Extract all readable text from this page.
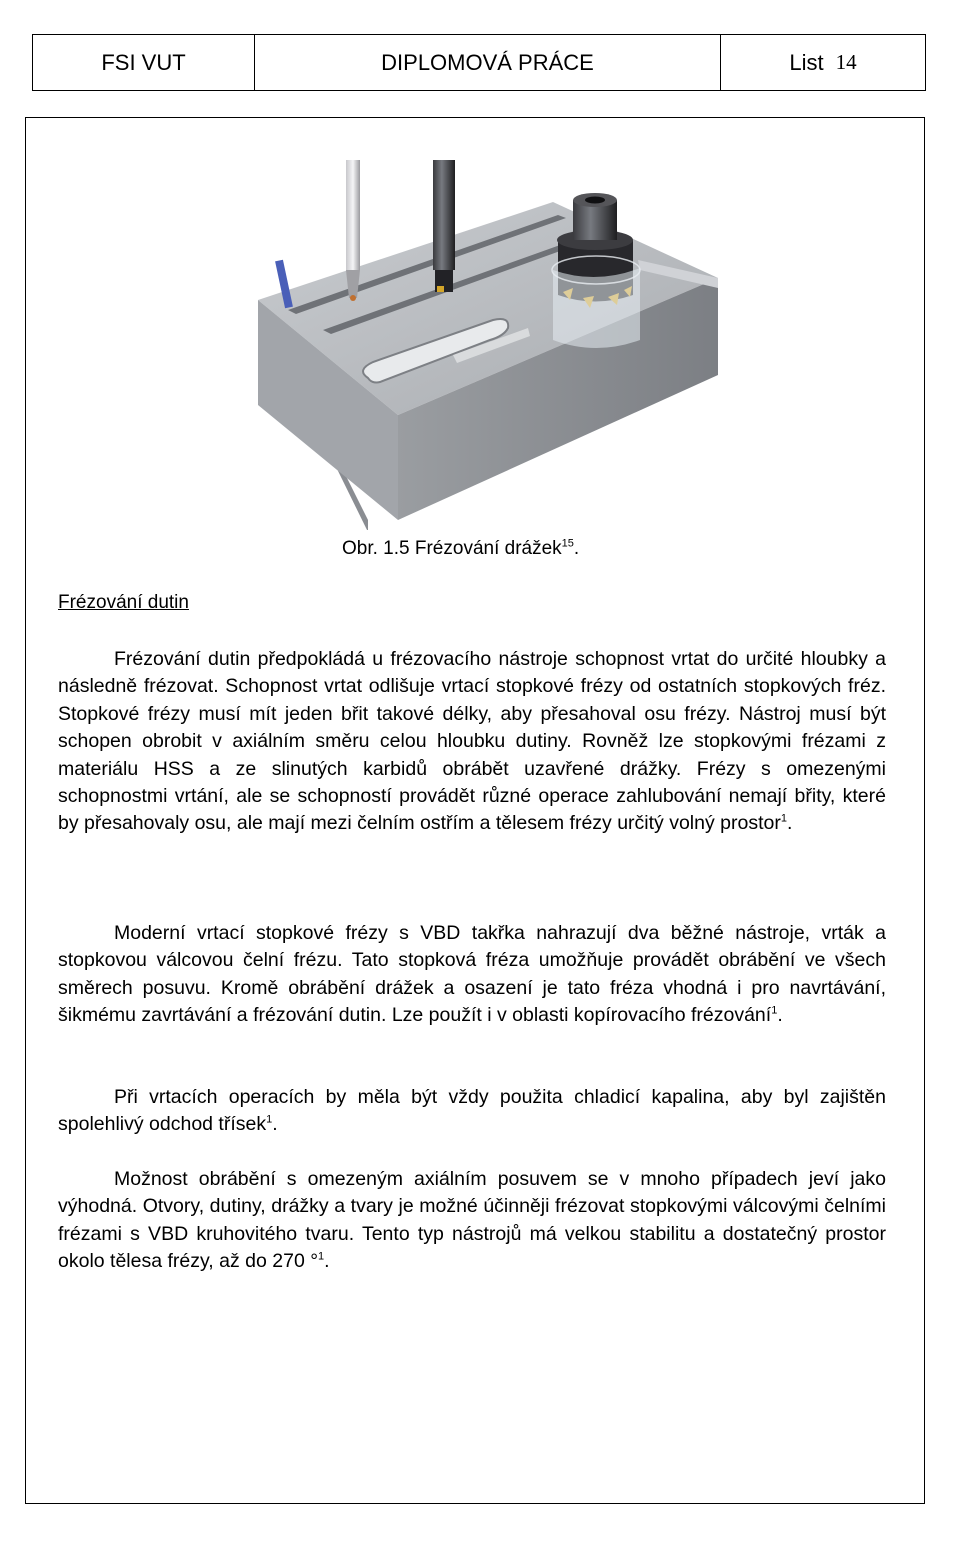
FSI VUT	DIPLOMOVÁ PRÁCE	List 14
Obr. 1.5 Frézování drážek$^{15}$.
Frézování dutin

Frézování dutin předpokládá u frézovacího nástroje schopnost vrtat do určité hloubky a následně frézovat. Schopnost vrtat odlišuje vrtací stopkové frézy od ostatních stopkových fréz. Stopkové frézy musí mít jeden břit takové délky, aby přesahoval osu frézy. Nástroj musí být schopen obrobit v axiálním směru celou hloubku dutiny. Rovněž lze stopkovými frézami z materiálu HSS a ze slinutých karbidů obrábět uzavřené drážky. Frézy s omezenými schopnostmi vrtání, ale se schopností provádět různé operace zahlubování nemají břity, které by přesahovaly osu, ale mají mezi čelním ostřím a tělesem frézy určitý volný prostor$^1$.

Moderní vrtací stopkové frézy s VBD takřka nahrazují dva běžné nástroje, vrták a stopkovou válcovou čelní frézu. Tato stopková fréza umožňuje provádět obrábění ve všech směrech posuvu. Kromě obrábění drážek a osazení je tato fréza vhodná i pro navrtávání, šikmému zavrtávání a frézování dutin. Lze použít i v oblasti kopírovacího frézování$^1$.

Při vrtacích operacích by měla být vždy použita chladicí kapalina, aby byl zajištěn spolehlivý odchod třísek$^1$.

Možnost obrábění s omezeným axiálním posuvem se v mnoho případech jeví jako výhodná. Otvory, dutiny, drážky a tvary je možné účinněji frézovat stopkovými válcovými čelními frézami s VBD kruhovitého tvaru. Tento typ nástrojů má velkou stabilitu a dostatečný prostor okolo tělesa frézy, až do 270 °$^1$.
